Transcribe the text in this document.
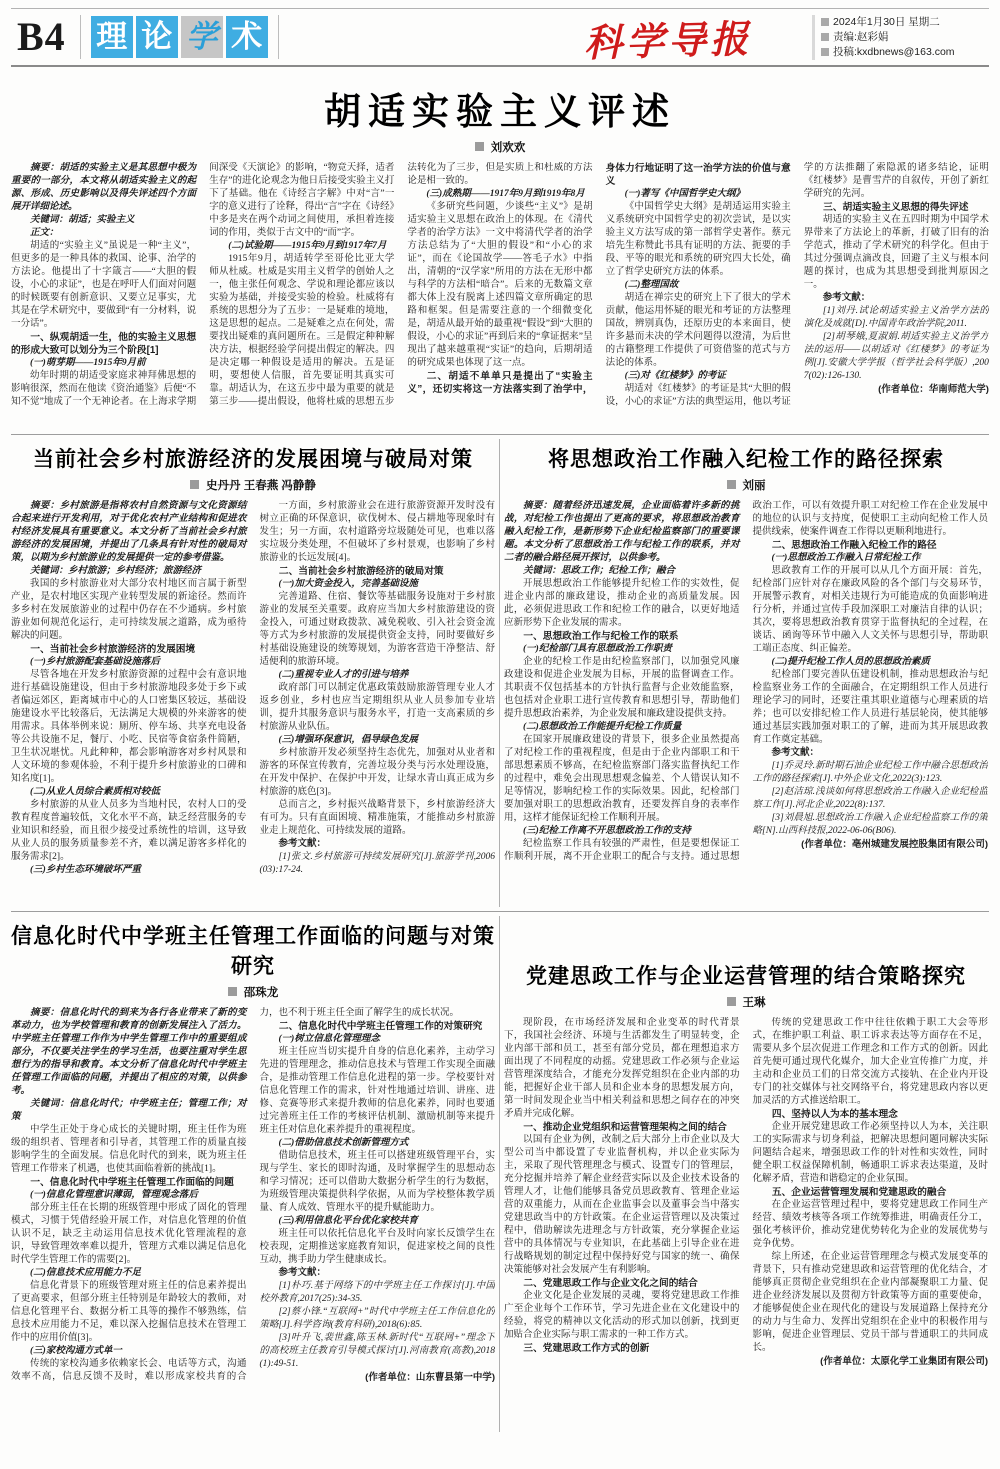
B4 理 论 学 术	科学导报	2024年1月30日 星期二
责编:赵彩娟
投稿:kxdbnews@163.com
胡适实验主义评述
刘欢欢

摘要：胡适的实验主义是其思想中极为重要的一部分，本文将从胡适实验主义的起源、形成、历史影响以及得失评述四个方面展开详细论述。

关键词：胡适；实验主义

正文：

胡适的“实验主义”虽说是一种“主义”，但更多的是一种具体的救国、论事、治学的方法论。他提出了十字箴言——“大胆的假设，小心的求证”，也是在呼吁人们面对问题的时候既要有创新意识、又要立足事实，尤其是在学术研究中，要做到“有一分材料，说一分话”。

一、纵观胡适一生，他的实验主义思想的形成大致可以划分为三个阶段[1]

(一)萌芽期——1915年9月前

幼年时期的胡适受家庭求神拜佛思想的影响很深，然而在他读《资治通鉴》后便“不知不觉”地成了一个无神论者。在上海求学期间深受《天演论》的影响，“物竞天择，适者生存”的进化论观念为他日后接受实验主义打下了基础。他在《诗经言字解》中对“言”一字的意义进行了诠释，得出“言”字在《诗经》中多是夹在两个动词之间使用，承担着连接词的作用，类似于古文中的“而”字。

(二)试验期——1915年9月到1917年7月

1915年9月，胡适转学至哥伦比亚大学师从杜威。杜威是实用主义哲学的创始人之一，他主张任何观念、学说和理论都应该以实验为基础，并接受实验的检验。杜威将有系统的思想分为了五步：一是疑难的境地，这是思想的起点。二是疑难之点在何处，需要找出疑难的真问题所在。三是假定种种解决方法，根据经验学问提出假定的解决。四是决定哪一种假设是适用的解决。五是证明，要想使人信服，首先要证明其真实可靠。胡适认为，在这五步中最为重要的就是第三步——提出假设，他将杜威的思想五步法转化为了三步，但是实质上和杜威的方法论是相一致的。

(三)成熟期——1917年9月到1919年8月

《多研究些问题，少谈些“主义”》是胡适实验主义思想在政治上的体现。在《清代学者的治学方法》一文中将清代学者的治学方法总结为了“大胆的假设”和“小心的求证”，而在《论国故学——答毛子水》中指出，清朝的“汉学家”所用的方法在无形中都与科学的方法相“暗合”。后来的无数篇文章都大体上没有脱离上述四篇文章所确定的思路和框架。但是需要注意的一个细微变化是，胡适从最开始的最重视“假设”到“大胆的假设，小心的求证”再到后来的“拿证据来”呈现出了越来越重视“实证”的趋向，后期胡适的研究成果也体现了这一点。

二、胡适不单单只是提出了“实验主义”，还切实将这一方法落实到了治学中，身体力行地证明了这一治学方法的价值与意义

(一)著写《中国哲学史大纲》

《中国哲学史大纲》是胡适运用实验主义系统研究中国哲学史的初次尝试，是以实验主义方法写成的第一部哲学史著作。蔡元培先生称赞此书具有证明的方法、扼要的手段、平等的眼光和系统的研究四大长处，确立了哲学史研究方法的体系。

(二)整理国故

胡适在禅宗史的研究上下了很大的学术贡献，他运用怀疑的眼光和考证的方法整理国故，辨别真伪，还原历史的本来面目，使许多悬而未决的学术问题得以澄清，为后世的古籍整理工作提供了可资借鉴的范式与方法论的体系。

(三)对《红楼梦》的考证

胡适对《红楼梦》的考证是其“大胆的假设，小心的求证”方法的典型运用，他以考证学的方法推翻了索隐派的诸多结论，证明《红楼梦》是曹雪芹的自叙传，开创了新红学研究的先河。

三、胡适实验主义思想的得失评述

胡适的实验主义在五四时期为中国学术界带来了方法论上的革新，打破了旧有的治学范式，推动了学术研究的科学化。但由于其过分强调点滴改良，回避了主义与根本问题的探讨，也成为其思想受到批判原因之一。

参考文献：

[1]刘丹.试论胡适实验主义治学方法的演化及成就[D].中国青年政治学院,2011.

[2]胡琴娥,夏淑娟.胡适实验主义治学方法的运用——以胡适对《红楼梦》的考证为例[J].安徽大学学报（哲学社会科学版）,2007(02):126-130.

(作者单位：华南师范大学)

当前社会乡村旅游经济的发展困境与破局对策
史丹丹 王春燕 冯静静

摘要：乡村旅游是指将农村自然资源与文化资源结合起来进行开发利用，对于优化农村产业结构和促进农村经济发展具有重要意义。本文分析了当前社会乡村旅游经济的发展困境，并提出了几条具有针对性的破局对策，以期为乡村旅游业的发展提供一定的参考借鉴。

关键词：乡村旅游；乡村经济；旅游经济

我国的乡村旅游业对大部分农村地区而言属于新型产业，是农村地区实现产业转型发展的新途径。然而许多乡村在发展旅游业的过程中仍存在不少通病。乡村旅游业如何规范化运行，走可持续发展之道路，成为亟待解决的问题。

一、当前社会乡村旅游经济的发展困境

(一)乡村旅游配套基础设施落后

尽管各地在开发乡村旅游资源的过程中会有意识地进行基础设施建设，但由于乡村旅游地段多处于乡下或者偏远郊区，距离城市中心的人口密集区较远，基础设施建设水平比较落后，无法满足大规模的外来游客的使用需求。具体举例来说：厕所、停车场、共享充电设备等公共设施不足，餐厅、小吃、民宿等食宿条件简陋，卫生状况堪忧。凡此种种，都会影响游客对乡村风景和人文环境的参观体验，不利于提升乡村旅游业的口碑和知名度[1]。

(二)从业人员综合素质相对较低

乡村旅游的从业人员多为当地村民，农村人口的受教育程度普遍较低，文化水平不高，缺乏经营服务的专业知识和经验，而且很少接受过系统性的培训，这导致从业人员的服务质量参差不齐，难以满足游客多样化的服务需求[2]。

(三)乡村生态环境破坏严重

一方面，乡村旅游业会在进行旅游资源开发时没有树立正确的环保意识，砍伐树木、侵占耕地等现象时有发生；另一方面，农村道路旁垃圾随处可见，也难以落实垃圾分类处理，不但破坏了乡村景观，也影响了乡村旅游业的长远发展[4]。

二、当前社会乡村旅游经济的破局对策

(一)加大资金投入，完善基础设施

完善道路、住宿、餐饮等基础服务设施对于乡村旅游业的发展至关重要。政府应当加大乡村旅游建设的资金投入，可通过财政拨款、减免税收、引入社会资金流等方式为乡村旅游的发展提供资金支持，同时要做好乡村基础设施建设的统筹规划，为游客营造干净整洁、舒适便利的旅游环境。

(二)重视专业人才的引进与培养

政府部门可以制定优惠政策鼓励旅游管理专业人才返乡创业，乡村也应当定期组织从业人员参加专业培训，提升其服务意识与服务水平，打造一支高素质的乡村旅游从业队伍。

(三)增强环保意识，倡导绿色发展

乡村旅游开发必须坚持生态优先，加强对从业者和游客的环保宣传教育，完善垃圾分类与污水处理设施，在开发中保护、在保护中开发，让绿水青山真正成为乡村旅游的底色[3]。

总而言之，乡村振兴战略背景下，乡村旅游经济大有可为。只有直面困境、精准施策，才能推动乡村旅游业走上规范化、可持续发展的道路。

参考文献：

[1]张文.乡村旅游可持续发展研究[J].旅游学刊,2006(03):17-24.

将思想政治工作融入纪检工作的路径探索
刘丽

摘要：随着经济迅速发展，企业面临着许多新的挑战，对纪检工作也提出了更高的要求，将思想政治教育融入纪检工作，是新形势下企业纪检监察部门的重要课题。本文分析了思想政治工作与纪检工作的联系，并对二者的融合路径展开探讨，以供参考。

关键词：思政工作；纪检工作；融合

开展思想政治工作能够提升纪检工作的实效性，促进企业内部的廉政建设，推动企业的高质量发展。因此，必须促进思政工作和纪检工作的融合，以更好地适应新形势下企业发展的需求。

一、思想政治工作与纪检工作的联系

(一)纪检部门具有思想政治工作职责

企业的纪检工作是由纪检监察部门，以加强党风廉政建设和促进企业发展为目标，开展的监督调查工作。其职责不仅包括基本的方针执行监督与企业效能监察，也包括对企业职工进行宣传教育和思想引导，帮助他们提升思想政治素养，为企业发展和廉政建设提供支持。

(二)思想政治工作能提升纪检工作质量

在国家开展廉政建设的背景下，很多企业虽然提高了对纪检工作的重视程度，但是由于企业内部职工和干部思想素质不够高，在纪检监察部门落实监督执纪工作的过程中，难免会出现思想观念偏差、个人错误认知不足等情况，影响纪检工作的实际效果。因此，纪检部门要加强对职工的思想政治教育，还要发挥自身的表率作用，这样才能保证纪检工作顺利开展。

(三)纪检工作离不开思想政治工作的支持

纪检监察工作具有较强的严肃性，但是要想保证工作顺利开展，离不开企业职工的配合与支持。通过思想政治工作，可以有效提升职工对纪检工作在企业发展中的地位的认识与支持度，促使职工主动向纪检工作人员提供线索，使案件调查工作得以更顺利地进行。

二、思想政治工作融入纪检工作的路径

(一)思想政治工作融入日常纪检工作

思政教育工作的开展可以从几个方面开展：首先，纪检部门应针对存在廉政风险的各个部门与交易环节，开展警示教育，对相关违规行为可能造成的负面影响进行分析，并通过宣传手段加深职工对廉洁自律的认识；其次，要将思想政治教育贯穿于监督执纪的全过程，在谈话、函询等环节中融入人文关怀与思想引导，帮助职工端正态度、纠正偏差。

(二)提升纪检工作人员的思想政治素质

纪检部门要完善队伍建设机制，推动思想政治与纪检监察业务工作的全面融合，在定期组织工作人员进行理论学习的同时，还要注重其职业道德与心理素质的培养；也可以安排纪检工作人员进行基层轮岗，使其能够通过基层实践加强对职工的了解，进而为其开展思政教育工作奠定基础。

参考文献：

[1]乔灵玲.新时期石油企业纪检工作中融合思想政治工作的路径探索[J].中外企业文化,2022(3):123.

[2]赵洁琼.浅谈如何将思想政治工作融入企业纪检监察工作[J].河北企业,2022(8):137.

[3]刘晨旭.思想政治工作融入企业纪检监察工作的策略[N].山西科技报,2022-06-06(B06).

(作者单位：亳州城建发展控股集团有限公司)

信息化时代中学班主任管理工作面临的问题与对策研究
邵珠龙

摘要：信息化时代的到来为各行各业带来了新的变革动力，也为学校管理和教育的创新发展注入了活力。中学班主任管理工作作为中学生管理工作中的重要组成部分，不仅要关注学生的学习生活，也要注重对学生思想行为的指导和教育。本文分析了信息化时代中学班主任管理工作面临的问题，并提出了相应的对策，以供参考。

关键词：信息化时代；中学班主任；管理工作；对策

中学生正处于身心成长的关键时期，班主任作为班级的组织者、管理者和引导者，其管理工作的质量直接影响学生的全面发展。信息化时代的到来，既为班主任管理工作带来了机遇，也使其面临着新的挑战[1]。

一、信息化时代中学班主任管理工作面临的问题

(一)信息化管理意识薄弱，管理观念落后

部分班主任在长期的班级管理中形成了固化的管理模式，习惯于凭借经验开展工作，对信息化管理的价值认识不足，缺乏主动运用信息技术优化管理流程的意识，导致管理效率难以提升，管理方式难以满足信息化时代学生管理工作的需要[2]。

(二)信息技术应用能力不足

信息化背景下的班级管理对班主任的信息素养提出了更高要求，但部分班主任特别是年龄较大的教师，对信息化管理平台、数据分析工具等的操作不够熟练，信息技术应用能力不足，难以深入挖掘信息技术在管理工作中的应用价值[3]。

(三)家校沟通方式单一

传统的家校沟通多依赖家长会、电话等方式，沟通效率不高，信息反馈不及时，难以形成家校共育的合力，也不利于班主任全面了解学生的成长状况。

二、信息化时代中学班主任管理工作的对策研究

(一)树立信息化管理理念

班主任应当切实提升自身的信息化素养，主动学习先进的管理理念，推动信息技术与管理工作实现全面融合，是推动管理工作信息化进程的第一步。学校要针对信息化管理工作的需求，针对性地通过培训、讲座、进修、竞赛等形式来提升教师的信息化素养，同时也要通过完善班主任工作的考核评估机制、激励机制等来提升班主任对信息化素养提升的重视程度。

(二)借助信息技术创新管理方式

借助信息技术，班主任可以搭建班级管理平台，实现与学生、家长的即时沟通，及时掌握学生的思想动态和学习情况；还可以借助大数据分析学生的行为数据，为班级管理决策提供科学依据，从而为学校整体教学质量、育人成效、管理水平的提升赋能助力。

(三)利用信息化平台优化家校共育

班主任可以依托信息化平台及时向家长反馈学生在校表现，定期推送家庭教育知识，促进家校之间的良性互动，携手助力学生健康成长。

参考文献：

[1]朴巧.基于网络下的中学班主任工作探讨[J].中国校外教育,2017(25):34-35.

[2]蔡小锋.“互联网+”时代中学班主任工作信息化的策略[J].科学咨询(教育科研),2018(6):85.

[3]叶升飞,裴世鑫,陈玉林.新时代“互联网+”理念下的高校班主任教育引导模式探讨[J].河南教育(高教),2018(1):49-51.

(作者单位：山东曹县第一中学)

党建思政工作与企业运营管理的结合策略探究
王琳

现阶段，在市场经济发展和企业变革的时代背景下，我国社会经济、环境与生活都发生了明显转变，企业内部干部和员工，甚至有部分党员，都在理想追求方面出现了不同程度的动摇。党建思政工作必须与企业运营管理深度结合，才能充分发挥党组织在企业内部的功能，把握好企业干部人员和企业本身的思想发展方向，第一时间发现企业当中相关利益和思想之间存在的冲突矛盾并完成化解。

一、推动企业党组织和运营管理架构之间的结合

以国有企业为例，改制之后大部分上市企业以及大型公司当中都设置了专业监督机构，并以企业实际为主，采取了现代管理理念与模式、设置专门的管理层，充分挖掘并培养了解企业经营实际以及企业技术设备的管理人才，让他们能够具备党员思政教育、管理企业运营的双重能力，从而在企业监事会以及董事会当中落实党建思政当中的方针政策。在企业运营管理以及决策过程中，借助解读先进理念与方针政策，充分掌握企业运营中的具体情况与专业知识，在此基础上引导企业在进行战略规划的制定过程中保持好党与国家的统一、确保决策能够对社会发展产生有利影响。

二、党建思政工作与企业文化之间的结合

企业文化是企业发展的灵魂，要将党建思政工作推广至企业每个工作环节，学习先进企业在文化建设中的经验，将党的精神以文化活动的形式加以创新，找到更加贴合企业实际与职工需求的一种工作方式。

三、党建思政工作方式的创新

传统的党建思政工作中往往依赖于职工大会等形式，在维护职工利益、职工诉求表达等方面存在不足，需要从多个层次促进工作理念和工作方式的创新。因此首先便可通过现代化媒介，加大企业宣传推广力度，并主动和企业员工们的日常交流方式接轨、在企业内开设专门的社交媒体与社交网络平台，将党建思政内容以更加灵活的方式推送给职工。

四、坚持以人为本的基本理念

企业开展党建思政工作必须坚持以人为本，关注职工的实际需求与切身利益，把解决思想问题同解决实际问题结合起来，增强思政工作的针对性和实效性，同时健全职工权益保障机制，畅通职工诉求表达渠道，及时化解矛盾，营造和谐稳定的企业氛围。

五、企业运营管理发展和党建思政的融合

在企业运营管理过程中，要将党建思政工作同生产经营、绩效考核等各项工作统筹推进，明确责任分工，强化考核评价，推动党建优势转化为企业的发展优势与竞争优势。

综上所述，在企业运营管理理念与模式发展变革的背景下，只有推动党建思政和运营管理的优化结合，才能够真正贯彻企业党组织在企业内部凝聚职工力量、促进企业经济发展以及贯彻方针政策等方面的重要使命，才能够促使企业在现代化的建设与发展道路上保持充分的动力与生命力、发挥出党组织在企业中的积极作用与影响，促进企业管理层、党员干部与普通职工的共同成长。

(作者单位：太原化学工业集团有限公司)
